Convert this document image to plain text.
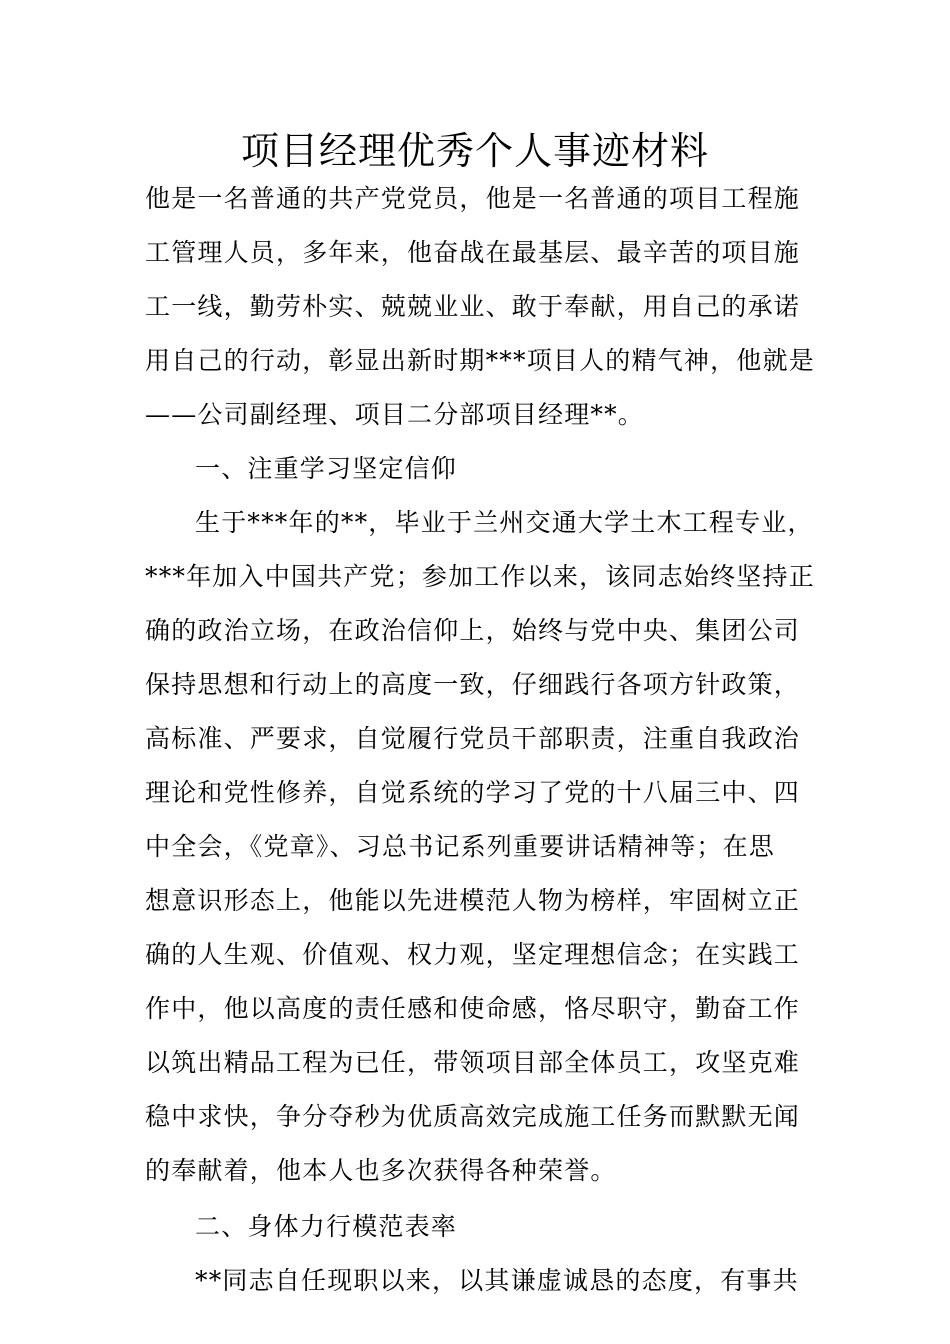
项目经理优秀个人事迹材料
他是一名普通的共产党党员，他是一名普通的项目工程施
工管理人员，多年来，他奋战在最基层、最辛苦的项目施
工一线，勤劳朴实、兢兢业业、敢于奉献，用自己的承诺
用自己的行动，彰显出新时期***项目人的精气神，他就是
——公司副经理、项目二分部项目经理**。
一、注重学习坚定信仰
生于***年的**，毕业于兰州交通大学土木工程专业，
***年加入中国共产党；参加工作以来，该同志始终坚持正
确的政治立场，在政治信仰上，始终与党中央、集团公司
保持思想和行动上的高度一致，仔细践行各项方针政策，
高标准、严要求，自觉履行党员干部职责，注重自我政治
理论和党性修养，自觉系统的学习了党的十八届三中、四
中全会，《党章》、习总书记系列重要讲话精神等；在思
想意识形态上，他能以先进模范人物为榜样，牢固树立正
确的人生观、价值观、权力观，坚定理想信念；在实践工
作中，他以高度的责任感和使命感，恪尽职守，勤奋工作
以筑出精品工程为已任，带领项目部全体员工，攻坚克难
稳中求快，争分夺秒为优质高效完成施工任务而默默无闻
的奉献着，他本人也多次获得各种荣誉。
二、身体力行模范表率
**同志自任现职以来，以其谦虚诚恳的态度，有事共
